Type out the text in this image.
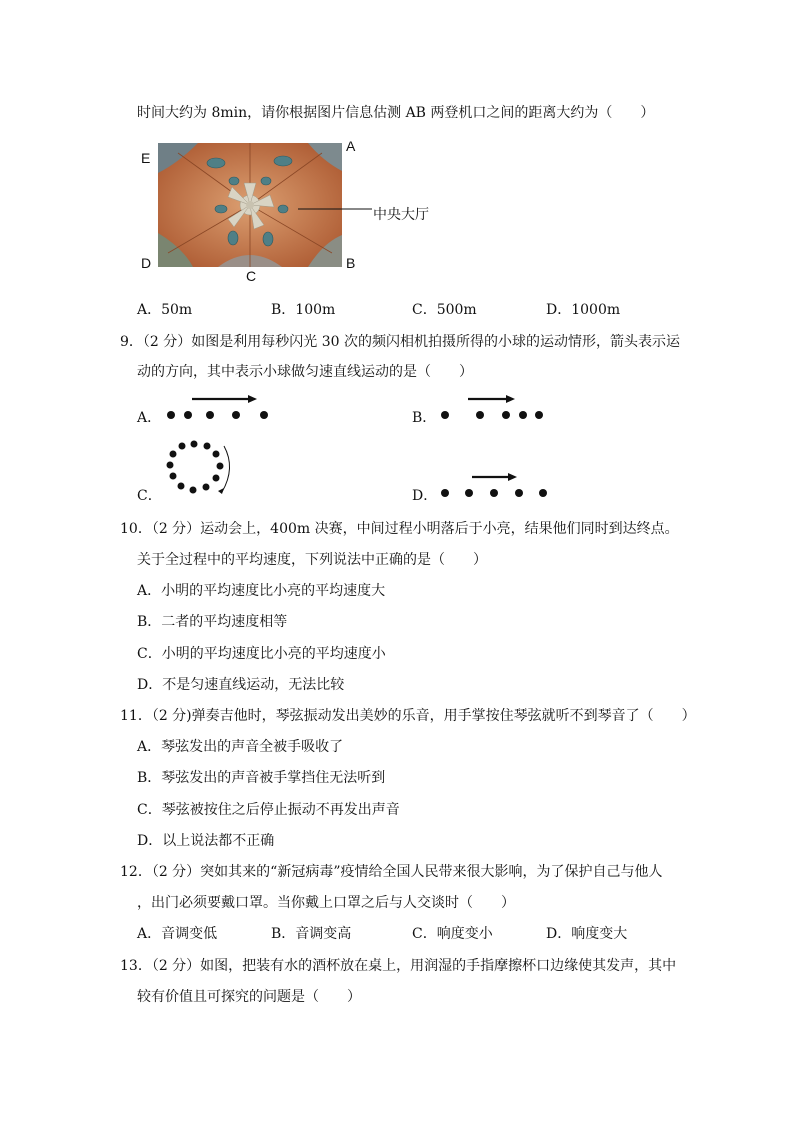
时间大约为 8min，请你根据图片信息估测 AB 两登机口之间的距离大约为（　　）
E
A
D	B
C
中央大厅
A．50m	B．100m	C．500m	D．1000m
9．（2 分）如图是利用每秒闪光 30 次的频闪相机拍摄所得的小球的运动情形，箭头表示运
动的方向，其中表示小球做匀速直线运动的是（　　）
A．	B．
C．	D．
10．（2 分）运动会上，400m 决赛，中间过程小明落后于小亮，结果他们同时到达终点。
关于全过程中的平均速度，下列说法中正确的是（　　）
A．小明的平均速度比小亮的平均速度大
B．二者的平均速度相等
C．小明的平均速度比小亮的平均速度小
D．不是匀速直线运动，无法比较
11．（2 分)弹奏吉他时，琴弦振动发出美妙的乐音，用手掌按住琴弦就听不到琴音了（　　）
A．琴弦发出的声音全被手吸收了
B．琴弦发出的声音被手掌挡住无法听到
C．琴弦被按住之后停止振动不再发出声音
D．以上说法都不正确
12．（2 分）突如其来的“新冠病毒”疫情给全国人民带来很大影响，为了保护自己与他人
，出门必须要戴口罩。当你戴上口罩之后与人交谈时（　　）
A．音调变低	B．音调变高	C．响度变小	D．响度变大
13．（2 分）如图，把装有水的酒杯放在桌上，用润湿的手指摩擦杯口边缘使其发声，其中
较有价值且可探究的问题是（　　）
